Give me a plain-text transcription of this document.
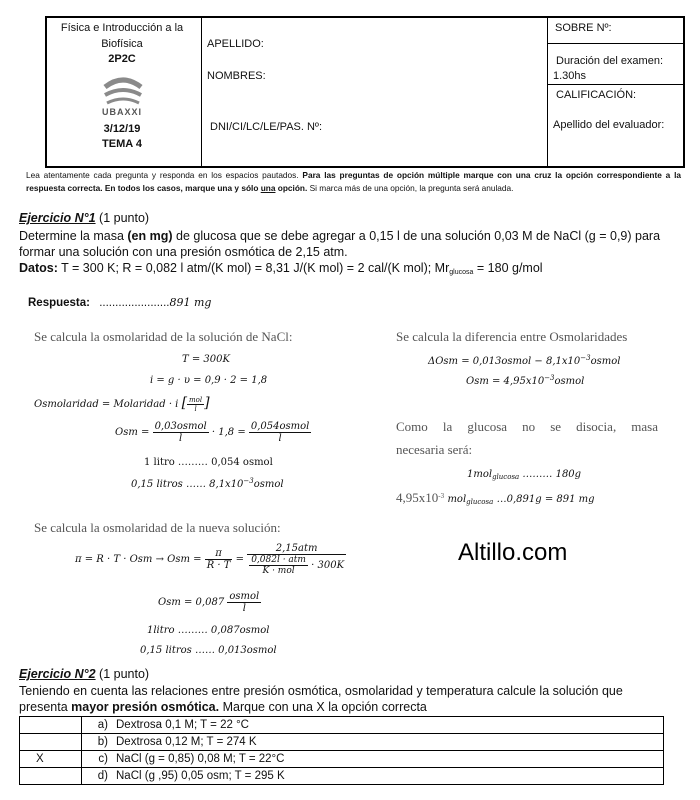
Física e Introducción a la
Biofísica
2P2C
UBAXXI
3/12/19
TEMA 4
APELLIDO:
NOMBRES:
DNI/CI/LC/LE/PAS. Nº:
SOBRE Nº:
Duración del examen:
1.30hs
CALIFICACIÓN:
Apellido del evaluador:
Lea atentamente cada pregunta y responda en los espacios pautados. Para las preguntas de opción múltiple marque con una cruz la opción correspondiente a la respuesta correcta. En todos los casos, marque una y sólo una opción. Si marca más de una opción, la pregunta será anulada.
Ejercicio N°1 (1 punto)
Determine la masa (en mg) de glucosa que se debe agregar a 0,15 l de una solución 0,03 M de NaCl (g = 0,9) para
formar una solución con una presión osmótica de 2,15 atm.
Datos: T = 300 K; R = 0,082 l atm/(K mol) = 8,31 J/(K mol) = 2 cal/(K mol); $Mr_{glucosa} = 180$ g/mol
Respuesta: ......................891 mg
Se calcula la osmolaridad de la solución de NaCl:
T = 300K
i = g · υ = 0,9 · 2 = 1,8
Osmolaridad = Molaridad · i [ $\frac{\text{mol}}{l}$ ]
Osm = $\frac{\text{0,03osmol}}{l} \cdot 1,8 = \frac{\text{0,054osmol}}{l}$
1 litro ……… 0,054 osmol
0,15 litros …… $8,1x10^{-3}osmol$
Se calcula la diferencia entre Osmolaridades
ΔOsm = 0,013osmol − $8,1x10^{-3}osmol$
Osm = $4,95x10^{-3}osmol$
Como la glucosa no se disocia, masa
necesaria será:
1mol$_{glucosa}$ ……… 180g
$4,95x10^{-3}$ mol$_{glucosa}$ …0,891g = 891 mg
Se calcula la osmolaridad de la nueva solución:
π = R · T · Osm → Osm = $\frac{\pi}{R \cdot T} = \frac{\text{2,15atm}}{\frac{\text{0,082l · atm}}{\text{K · mol}} \cdot 300K}$
Osm = $0,087 \frac{\text{osmol}}{l}$
1litro ……… 0,087osmol
0,15 litros …… 0,013osmol
Altillo.com
Ejercicio N°2 (1 punto)
Teniendo en cuenta las relaciones entre presión osmótica, osmolaridad y temperatura calcule la solución que
presenta mayor presión osmótica. Marque con una X la opción correcta
	a)	Dextrosa 0,1 M; T = 22 °C
	b)	Dextrosa 0,12 M; T = 274 K
X	c)	NaCl (g = 0,85) 0,08 M; T = 22°C
	d)	NaCl (g ,95) 0,05 osm; T = 295 K
